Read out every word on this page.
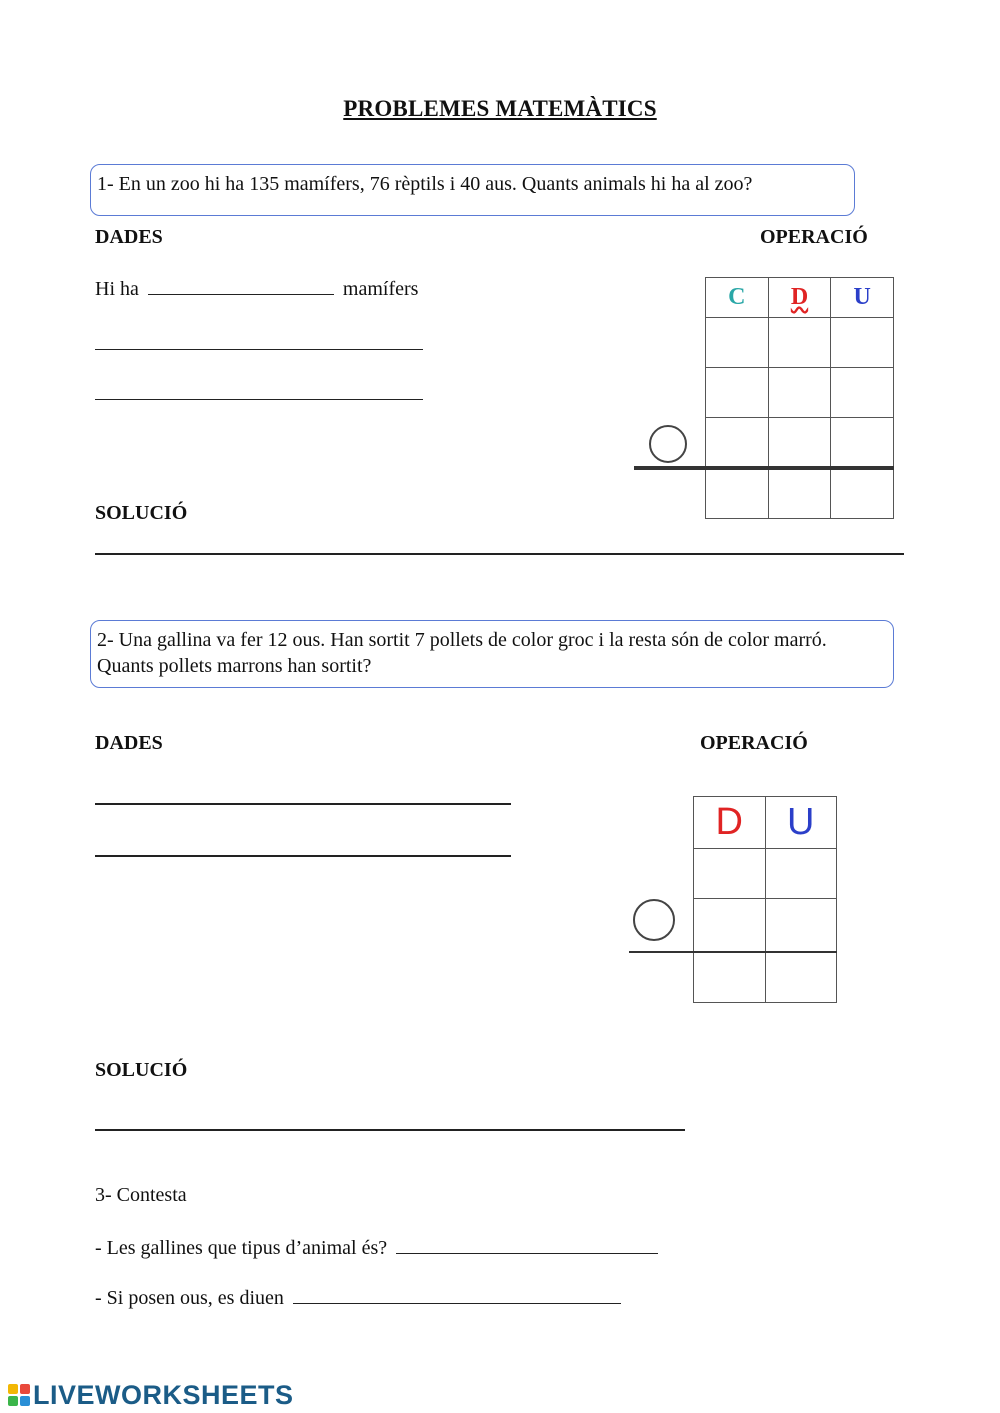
PROBLEMES MATEMÀTICS
1- En un zoo hi ha 135 mamífers, 76 rèptils i 40 aus. Quants animals hi ha al zoo?
DADES	OPERACIÓ
Hi ha	mamífers	C	D	U

SOLUCIÓ
2- Una gallina va fer 12 ous. Han sortit 7 pollets de color groc i la resta són de color marró. Quants pollets marrons han sortit?
DADES	OPERACIÓ
D	U

SOLUCIÓ
3- Contesta
- Les gallines que tipus d’animal és?
- Si posen ous, es diuen
LIVEWORKSHEETS
